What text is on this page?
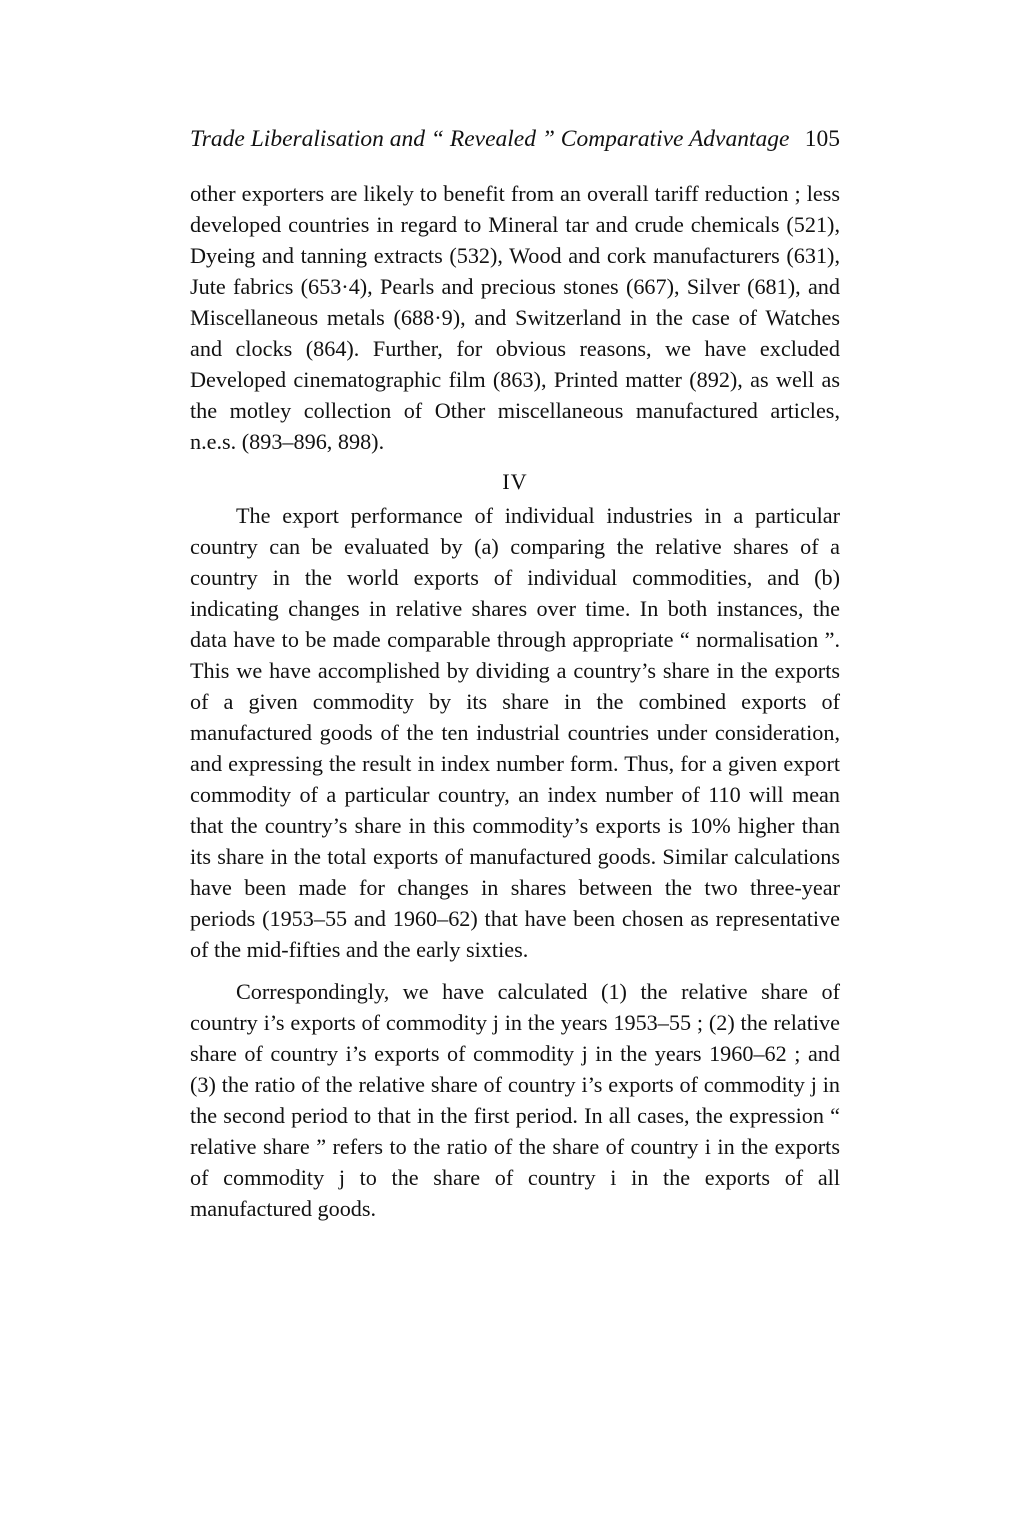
Trade Liberalisation and “ Revealed ” Comparative Advantage 105

other exporters are likely to benefit from an overall tariff reduction ; less developed countries in regard to Mineral tar and crude chemicals (521), Dyeing and tanning extracts (532), Wood and cork manufacturers (631), Jute fabrics (653·4), Pearls and precious stones (667), Silver (681), and Miscellaneous metals (688·9), and Switzerland in the case of Watches and clocks (864). Further, for obvious reasons, we have excluded Developed cinematographic film (863), Printed matter (892), as well as the motley collection of Other miscellaneous manufactured articles, n.e.s. (893–896, 898).

IV

The export performance of individual industries in a particular country can be evaluated by (a) comparing the relative shares of a country in the world exports of individual commodities, and (b) indicating changes in relative shares over time. In both instances, the data have to be made comparable through appropriate “ normalisation ”. This we have accomplished by dividing a country’s share in the exports of a given commodity by its share in the combined exports of manufactured goods of the ten industrial countries under consideration, and expressing the result in index number form. Thus, for a given export commodity of a particular country, an index number of 110 will mean that the country’s share in this commodity’s exports is 10% higher than its share in the total exports of manufactured goods. Similar calculations have been made for changes in shares between the two three-year periods (1953–55 and 1960–62) that have been chosen as representative of the mid-fifties and the early sixties.

Correspondingly, we have calculated (1) the relative share of country i’s exports of commodity j in the years 1953–55 ; (2) the relative share of country i’s exports of commodity j in the years 1960–62 ; and (3) the ratio of the relative share of country i’s exports of commodity j in the second period to that in the first period. In all cases, the expression “ relative share ” refers to the ratio of the share of country i in the exports of commodity j to the share of country i in the exports of all manufactured goods.
